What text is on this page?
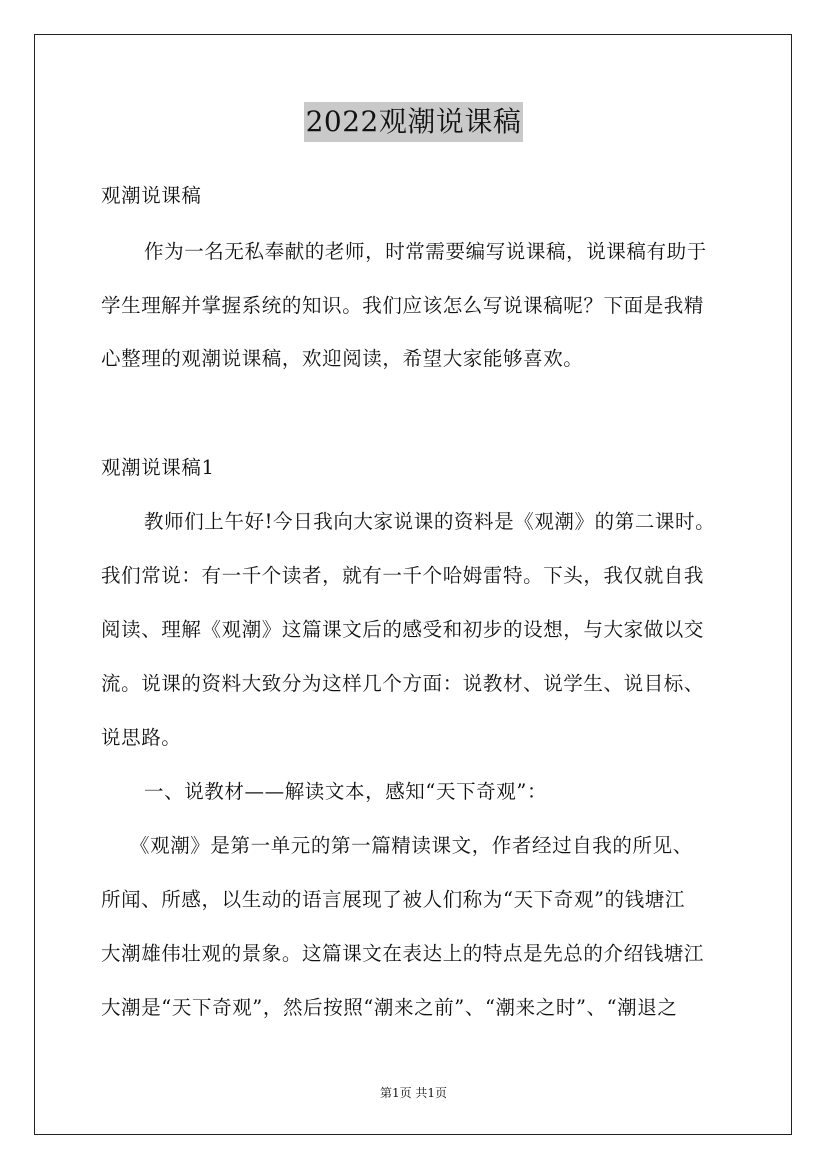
2022观潮说课稿
观潮说课稿
作为一名无私奉献的老师，时常需要编写说课稿，说课稿有助于
学生理解并掌握系统的知识。我们应该怎么写说课稿呢？下面是我精
心整理的观潮说课稿，欢迎阅读，希望大家能够喜欢。
观潮说课稿1
教师们上午好!今日我向大家说课的资料是《观潮》的第二课时。
我们常说：有一千个读者，就有一千个哈姆雷特。下头，我仅就自我
阅读、理解《观潮》这篇课文后的感受和初步的设想，与大家做以交
流。说课的资料大致分为这样几个方面：说教材、说学生、说目标、
说思路。
一、说教材——解读文本，感知“天下奇观”：
《观潮》是第一单元的第一篇精读课文，作者经过自我的所见、
所闻、所感，以生动的语言展现了被人们称为“天下奇观”的钱塘江
大潮雄伟壮观的景象。这篇课文在表达上的特点是先总的介绍钱塘江
大潮是“天下奇观”，然后按照“潮来之前”、“潮来之时”、“潮退之
第1页 共1页
